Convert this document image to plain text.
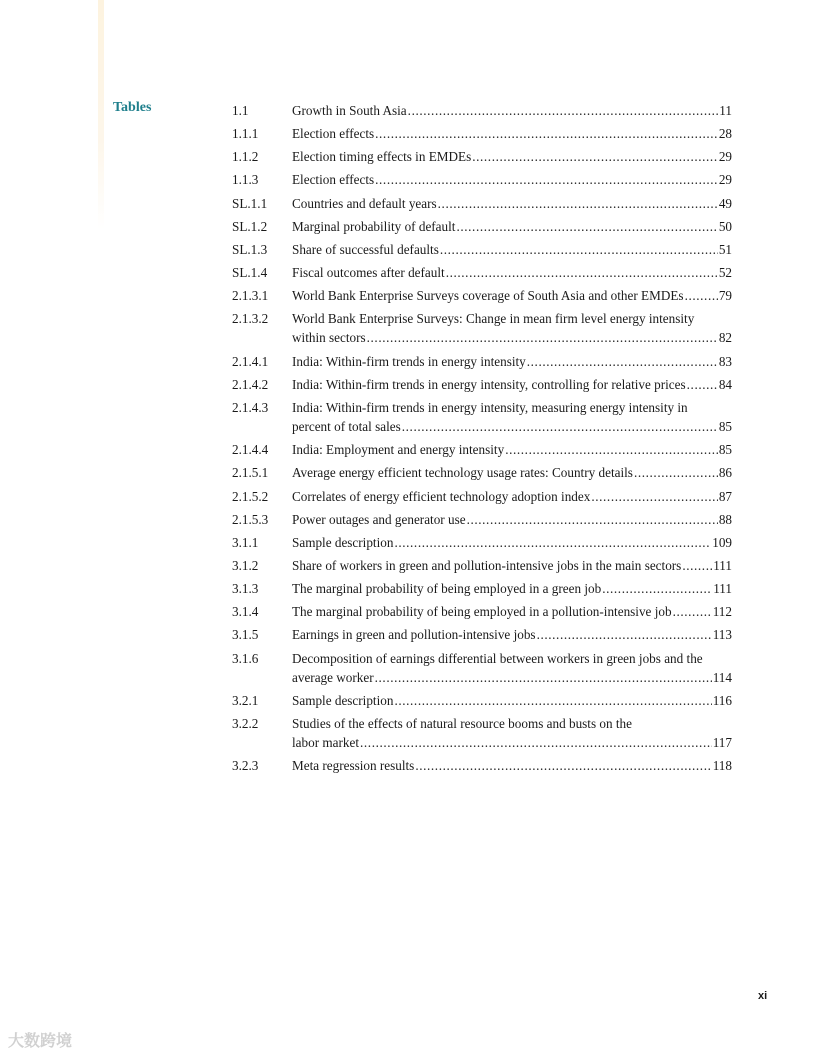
Tables	1.1	Growth in South Asia .....	11
1.1.1	Election effects .....	28
1.1.2	Election timing effects in EMDEs .....	29
1.1.3	Election effects .....	29
SL.1.1 Countries and default years .....	49
SL.1.2 Marginal probability of default .....	50
SL.1.3 Share of successful defaults .....	51
SL.1.4 Fiscal outcomes after default .....	52
2.1.3.1 World Bank Enterprise Surveys coverage of South Asia and other EMDEs .....	79
2.1.3.2 World Bank Enterprise Surveys: Change in mean firm level energy intensity
within sectors .....	82
2.1.4.1 India: Within-firm trends in energy intensity .....	83
2.1.4.2 India: Within-firm trends in energy intensity, controlling for relative prices .....	84
2.1.4.3 India: Within-firm trends in energy intensity, measuring energy intensity in
percent of total sales .....	85
2.1.4.4 India: Employment and energy intensity .....	85
2.1.5.1 Average energy efficient technology usage rates: Country details .....	86
2.1.5.2 Correlates of energy efficient technology adoption index .....	87
2.1.5.3 Power outages and generator use .....	88
3.1.1	Sample description .....	109
3.1.2	Share of workers in green and pollution-intensive jobs in the main sectors ..... 111
3.1.3	The marginal probability of being employed in a green job .....	111
3.1.4	The marginal probability of being employed in a pollution-intensive job .....	112
3.1.5	Earnings in green and pollution-intensive jobs .....	113
3.1.6	Decomposition of earnings differential between workers in green jobs and the
average worker .....	114
3.2.1	Sample description .....	116
3.2.2	Studies of the effects of natural resource booms and busts on the
labor market .....	117
3.2.3	Meta regression results .....	118
xi
大数跨境
